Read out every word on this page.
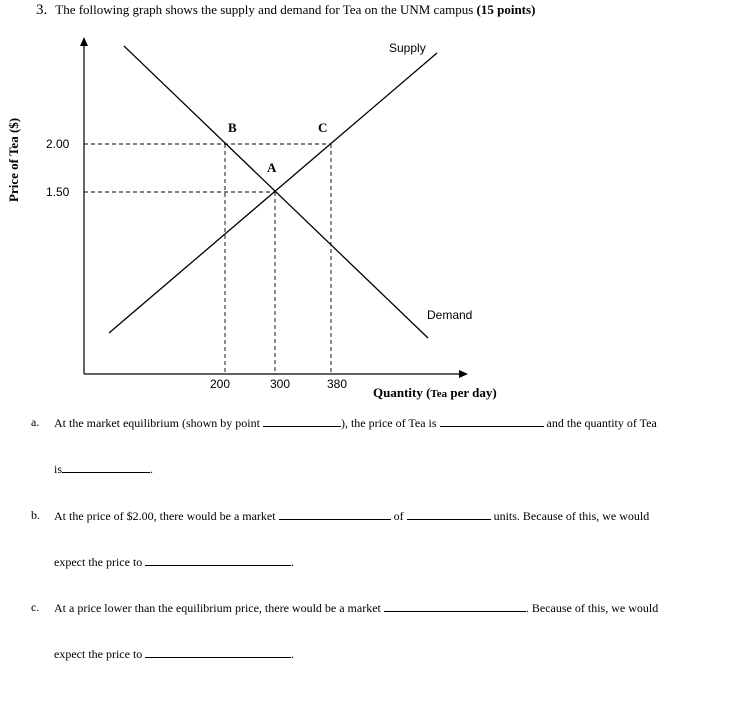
3. The following graph shows the supply and demand for Tea on the UNM campus (15 points)
Supply
Demand
B	C
A
2.00
1.50
200	300	380
Price of Tea ($)
Quantity (Tea per day)
a. At the market equilibrium (shown by point	), the price of Tea is	and the quantity of Tea
is	.
b. At the price of $2.00, there would be a market	of	units. Because of this, we would
expect the price to	.
c. At a price lower than the equilibrium price, there would be a market	. Because of this, we would
expect the price to	.
